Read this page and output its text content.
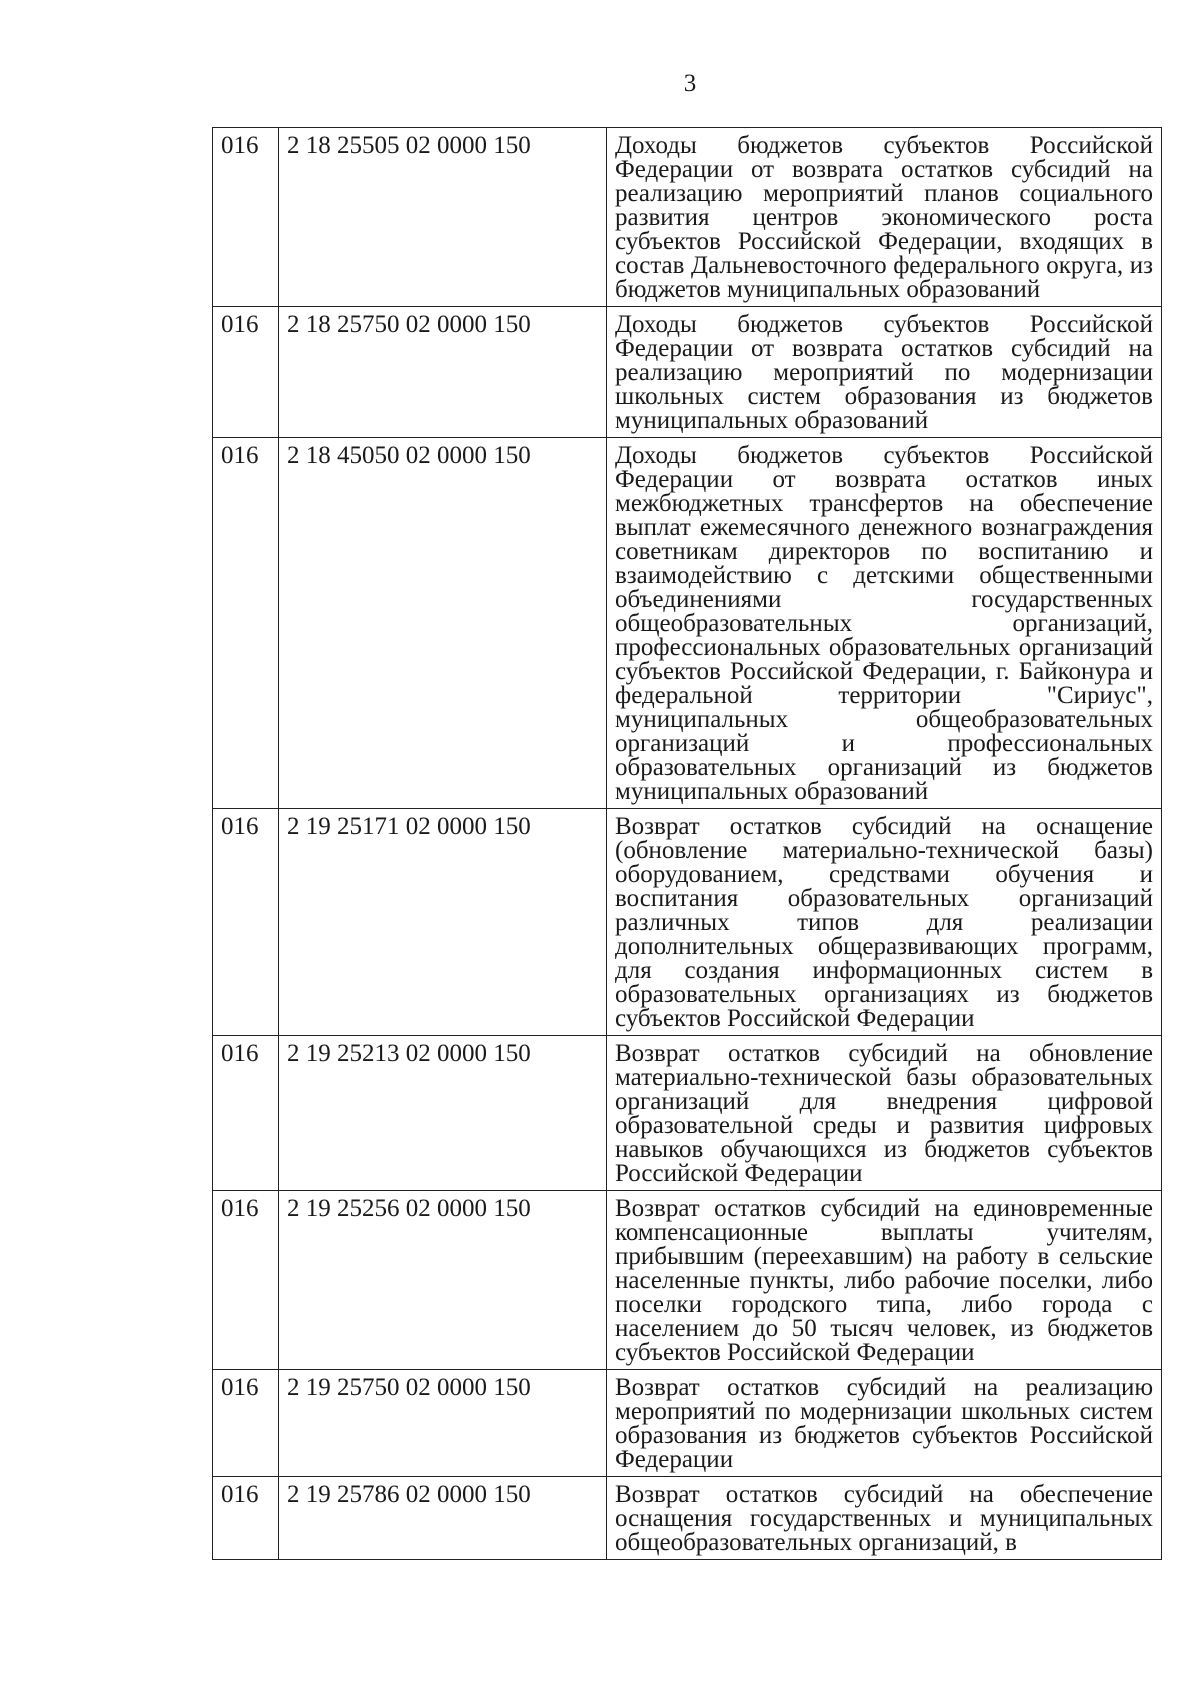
3
016	2 18 25505 02 0000 150	Доходы бюджетов субъектов Российской Федерации от возврата остатков субсидий на реализацию мероприятий планов социального развития центров экономического роста субъектов Российской Федерации, входящих в состав Дальневосточного федерального округа, из бюджетов муниципальных образований
016	2 18 25750 02 0000 150	Доходы бюджетов субъектов Российской Федерации от возврата остатков субсидий на реализацию мероприятий по модернизации школьных систем образования из бюджетов муниципальных образований
016	2 18 45050 02 0000 150	Доходы бюджетов субъектов Российской Федерации от возврата остатков иных межбюджетных трансфертов на обеспечение выплат ежемесячного денежного вознаграждения советникам директоров по воспитанию и взаимодействию с детскими общественными объединениями государственных общеобразовательных организаций, профессиональных образовательных организаций субъектов Российской Федерации, г. Байконура и федеральной территории "Сириус", муниципальных общеобразовательных организаций и профессиональных образовательных организаций из бюджетов муниципальных образований
016	2 19 25171 02 0000 150	Возврат остатков субсидий на оснащение (обновление материально-технической базы) оборудованием, средствами обучения и воспитания образовательных организаций различных типов для реализации дополнительных общеразвивающих программ, для создания информационных систем в образовательных организациях из бюджетов субъектов Российской Федерации
016	2 19 25213 02 0000 150	Возврат остатков субсидий на обновление материально-технической базы образовательных организаций для внедрения цифровой образовательной среды и развития цифровых навыков обучающихся из бюджетов субъектов Российской Федерации
016	2 19 25256 02 0000 150	Возврат остатков субсидий на единовременные компенсационные выплаты учителям, прибывшим (переехавшим) на работу в сельские населенные пункты, либо рабочие поселки, либо поселки городского типа, либо города с населением до 50 тысяч человек, из бюджетов субъектов Российской Федерации
016	2 19 25750 02 0000 150	Возврат остатков субсидий на реализацию мероприятий по модернизации школьных систем образования из бюджетов субъектов Российской Федерации
016	2 19 25786 02 0000 150	Возврат остатков субсидий на обеспечение оснащения государственных и муниципальных общеобразовательных организаций, в
